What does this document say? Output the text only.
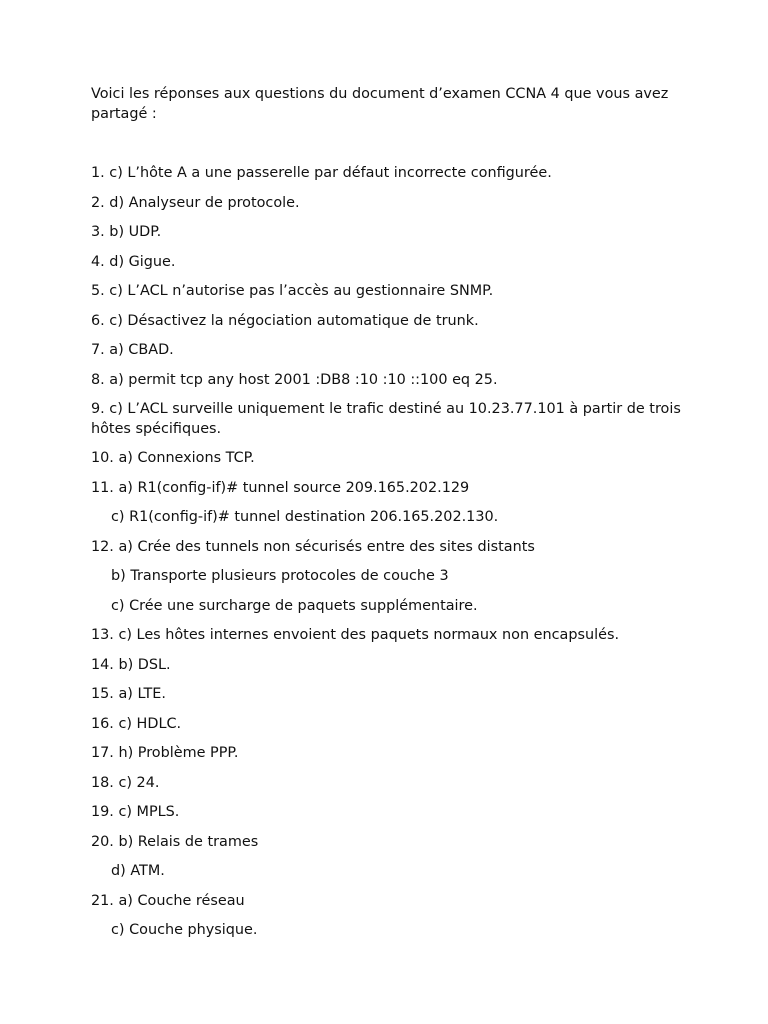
Voici les réponses aux questions du document d’examen CCNA 4 que vous avez partagé :

1. c) L’hôte A a une passerelle par défaut incorrecte configurée.
2. d) Analyseur de protocole.
3. b) UDP.
4. d) Gigue.
5. c) L’ACL n’autorise pas l’accès au gestionnaire SNMP.
6. c) Désactivez la négociation automatique de trunk.
7. a) CBAD.
8. a) permit tcp any host 2001 :DB8 :10 :10 ::100 eq 25.
9. c) L’ACL surveille uniquement le trafic destiné au 10.23.77.101 à partir de trois hôtes spécifiques.
10. a) Connexions TCP.
11. a) R1(config-if)# tunnel source 209.165.202.129
c) R1(config-if)# tunnel destination 206.165.202.130.
12. a) Crée des tunnels non sécurisés entre des sites distants
b) Transporte plusieurs protocoles de couche 3
c) Crée une surcharge de paquets supplémentaire.
13. c) Les hôtes internes envoient des paquets normaux non encapsulés.
14. b) DSL.
15. a) LTE.
16. c) HDLC.
17. h) Problème PPP.
18. c) 24.
19. c) MPLS.
20. b) Relais de trames
d) ATM.
21. a) Couche réseau
c) Couche physique.
